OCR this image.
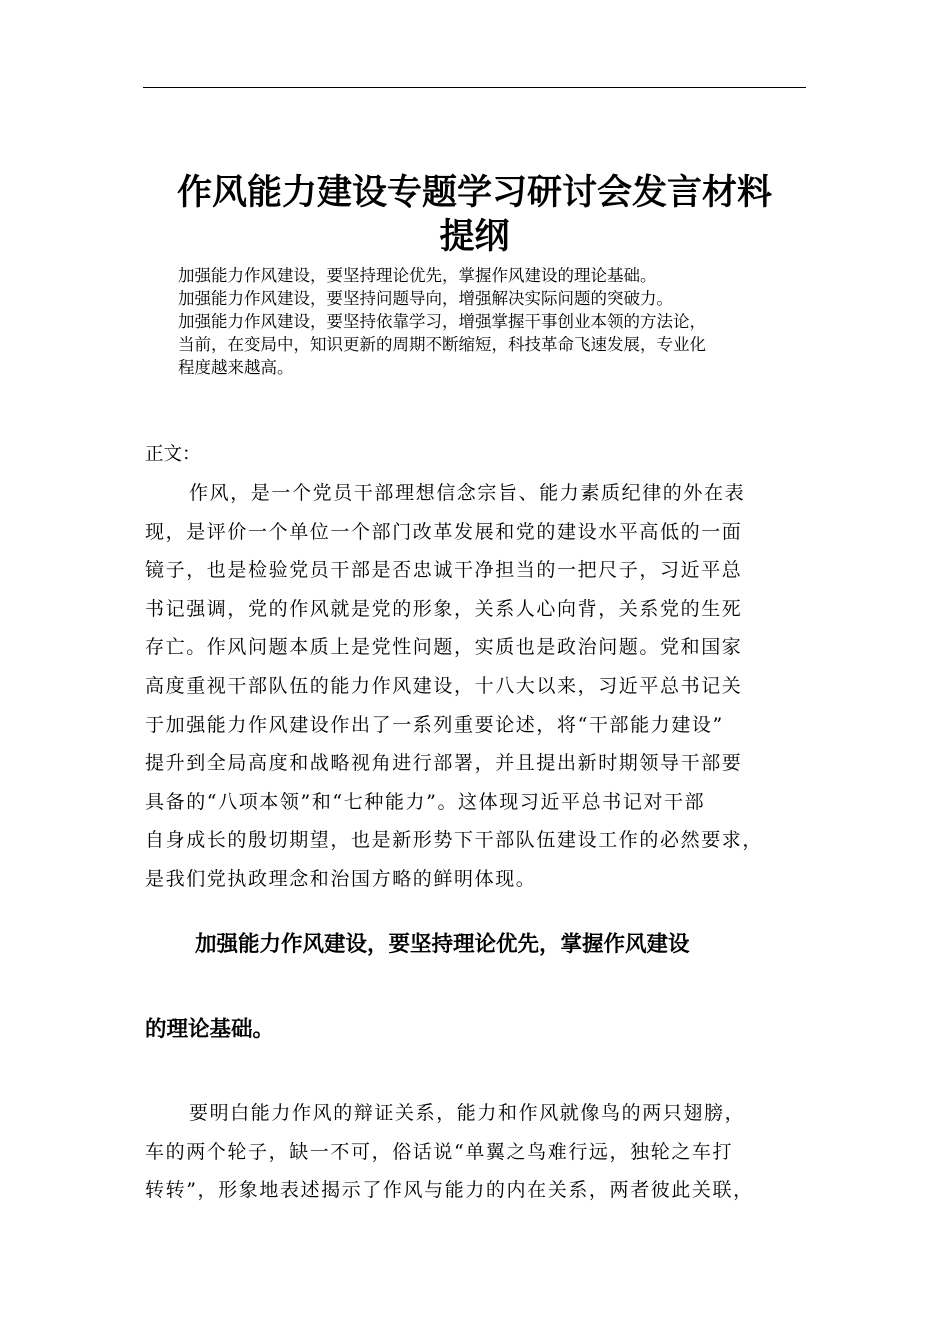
作风能力建设专题学习研讨会发言材料
提纲

加强能力作风建设，要坚持理论优先，掌握作风建设的理论基础。

加强能力作风建设，要坚持问题导向，增强解决实际问题的突破力。

加强能力作风建设，要坚持依靠学习，增强掌握干事创业本领的方法论，

当前，在变局中，知识更新的周期不断缩短，科技革命飞速发展，专业化

程度越来越高。

正文：
作风，是一个党员干部理想信念宗旨、能力素质纪律的外在表
现，是评价一个单位一个部门改革发展和党的建设水平高低的一面
镜子，也是检验党员干部是否忠诚干净担当的一把尺子，习近平总
书记强调，党的作风就是党的形象，关系人心向背，关系党的生死
存亡。作风问题本质上是党性问题，实质也是政治问题。党和国家
高度重视干部队伍的能力作风建设，十八大以来，习近平总书记关
于加强能力作风建设作出了一系列重要论述，将“干部能力建设”
提升到全局高度和战略视角进行部署，并且提出新时期领导干部要
具备的“八项本领”和“七种能力”。这体现习近平总书记对干部
自身成长的殷切期望，也是新形势下干部队伍建设工作的必然要求，
是我们党执政理念和治国方略的鲜明体现。
加强能力作风建设，要坚持理论优先，掌握作风建设
的理论基础。
要明白能力作风的辩证关系，能力和作风就像鸟的两只翅膀，
车的两个轮子，缺一不可，俗话说“单翼之鸟难行远，独轮之车打
转转”，形象地表述揭示了作风与能力的内在关系，两者彼此关联，
